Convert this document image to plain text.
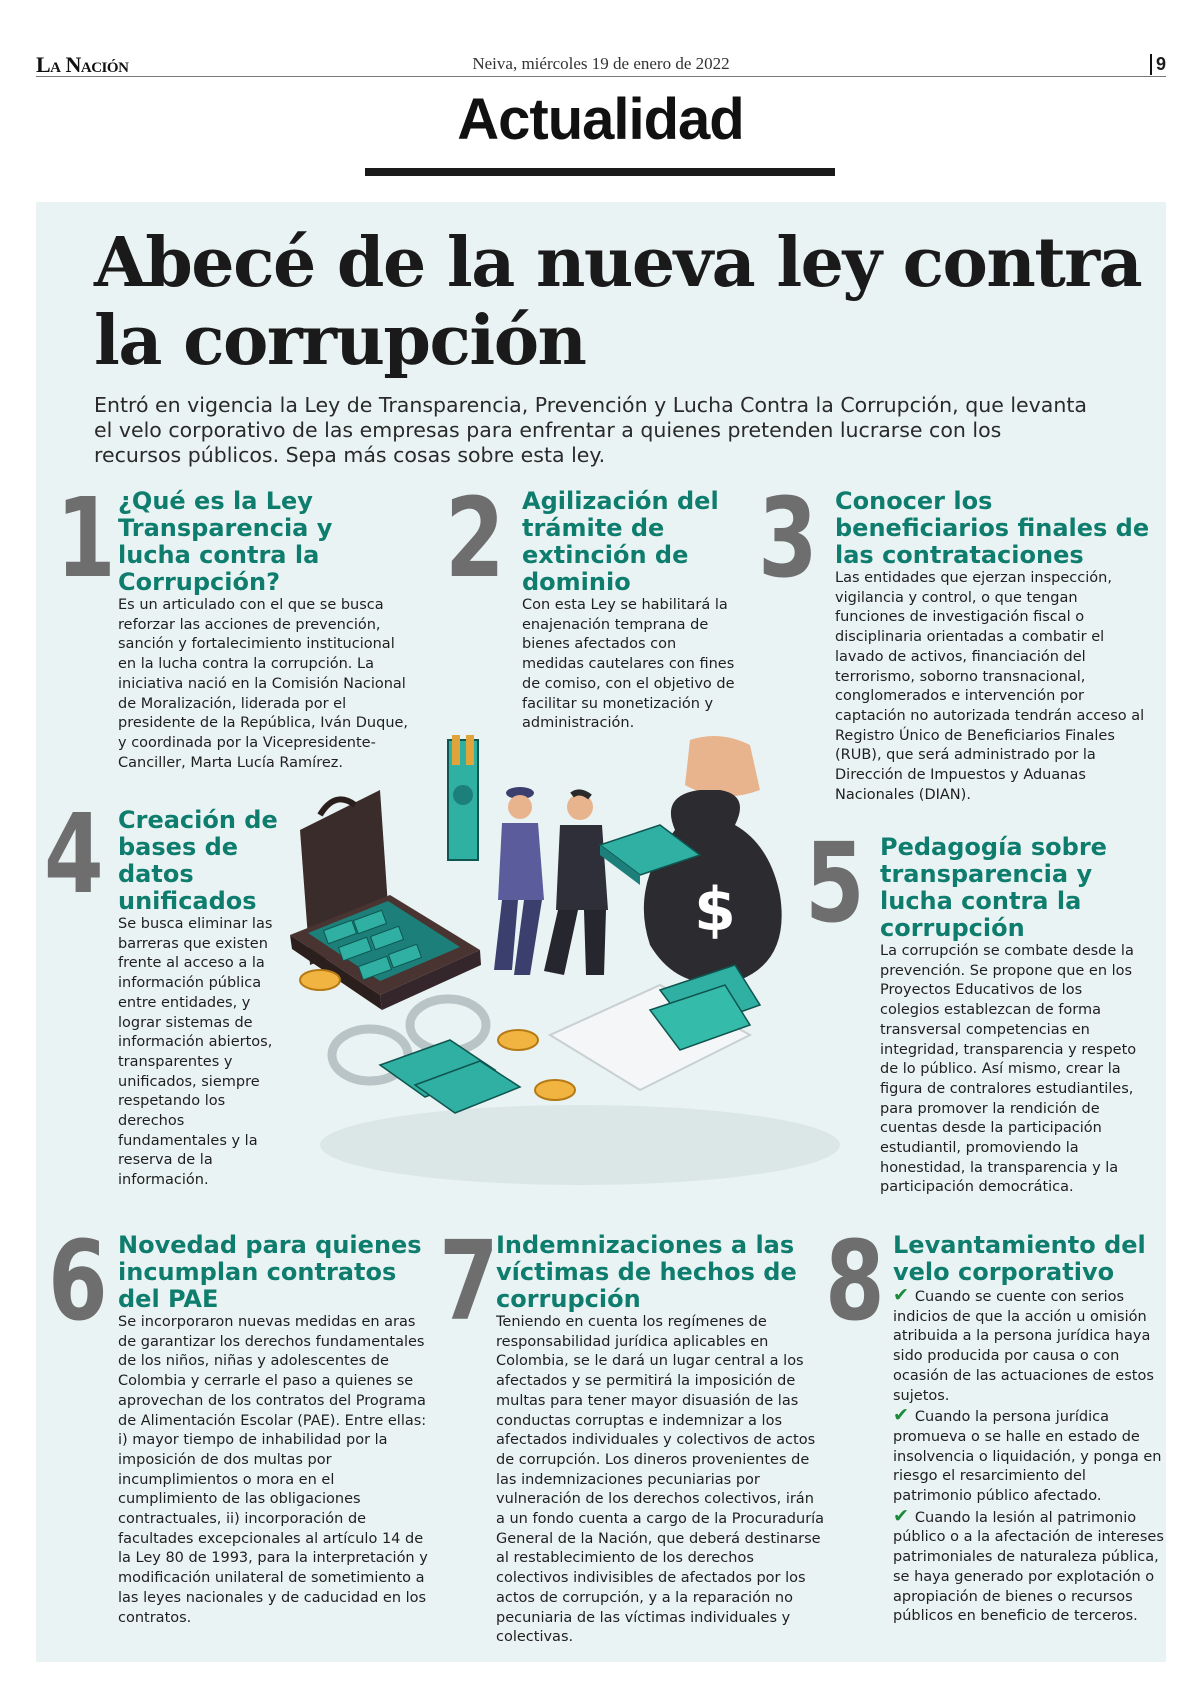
La Nación	Neiva, miércoles 19 de enero de 2022	9
Actualidad
Abecé de la nueva ley contra la corrupción

Entró en vigencia la Ley de Transparencia, Prevención y Lucha Contra la Corrupción, que levanta el velo corporativo de las empresas para enfrentar a quienes pretenden lucrarse con los recursos públicos. Sepa más cosas sobre esta ley.

1 ¿Qué es la Ley Transparencia y lucha contra la Corrupción?

Es un articulado con el que se busca reforzar las acciones de prevención, sanción y fortalecimiento institucional en la lucha contra la corrupción. La iniciativa nació en la Comisión Nacional de Moralización, liderada por el presidente de la República, Iván Duque, y coordinada por la Vicepresidente-Canciller, Marta Lucía Ramírez.

2 Agilización del trámite de extinción de dominio

Con esta Ley se habilitará la enajenación temprana de bienes afectados con medidas cautelares con fines de comiso, con el objetivo de facilitar su monetización y administración.

3 Conocer los beneficiarios finales de las contrataciones

Las entidades que ejerzan inspección, vigilancia y control, o que tengan funciones de investigación fiscal o disciplinaria orientadas a combatir el lavado de activos, financiación del terrorismo, soborno transnacional, conglomerados e intervención por captación no autorizada tendrán acceso al Registro Único de Beneficiarios Finales (RUB), que será administrado por la Dirección de Impuestos y Aduanas Nacionales (DIAN).

4 Creación de bases de datos unificados

Se busca eliminar las barreras que existen frente al acceso a la información pública entre entidades, y lograr sistemas de información abiertos, transparentes y unificados, siempre respetando los derechos fundamentales y la reserva de la información.

5 Pedagogía sobre transparencia y lucha contra la corrupción

La corrupción se combate desde la prevención. Se propone que en los Proyectos Educativos de los colegios establezcan de forma transversal competencias en integridad, transparencia y respeto de lo público. Así mismo, crear la figura de contralores estudiantiles, para promover la rendición de cuentas desde la participación estudiantil, promoviendo la honestidad, la transparencia y la participación democrática.

6 Novedad para quienes incumplan contratos del PAE

Se incorporaron nuevas medidas en aras de garantizar los derechos fundamentales de los niños, niñas y adolescentes de Colombia y cerrarle el paso a quienes se aprovechan de los contratos del Programa de Alimentación Escolar (PAE). Entre ellas: i) mayor tiempo de inhabilidad por la imposición de dos multas por incumplimientos o mora en el cumplimiento de las obligaciones contractuales, ii) incorporación de facultades excepcionales al artículo 14 de la Ley 80 de 1993, para la interpretación y modificación unilateral de sometimiento a las leyes nacionales y de caducidad en los contratos.

7
Indemnizaciones a las víctimas de hechos de corrupción

Teniendo en cuenta los regímenes de responsabilidad jurídica aplicables en Colombia, se le dará un lugar central a los afectados y se permitirá la imposición de multas para tener mayor disuasión de las conductas corruptas e indemnizar a los afectados individuales y colectivos de actos de corrupción. Los dineros provenientes de las indemnizaciones pecuniarias por vulneración de los derechos colectivos, irán a un fondo cuenta a cargo de la Procuraduría General de la Nación, que deberá destinarse al restablecimiento de los derechos colectivos indivisibles de afectados por los actos de corrupción, y a la reparación no pecuniaria de las víctimas individuales y colectivas.

8 Levantamiento del velo corporativo

✔ Cuando se cuente con serios indicios de que la acción u omisión atribuida a la persona jurídica haya sido producida por causa o con ocasión de las actuaciones de estos sujetos.

✔ Cuando la persona jurídica promueva o se halle en estado de insolvencia o liquidación, y ponga en riesgo el resarcimiento del patrimonio público afectado.

✔ Cuando la lesión al patrimonio público o a la afectación de intereses patrimoniales de naturaleza pública, se haya generado por explotación o apropiación de bienes o recursos públicos en beneficio de terceros.

$
